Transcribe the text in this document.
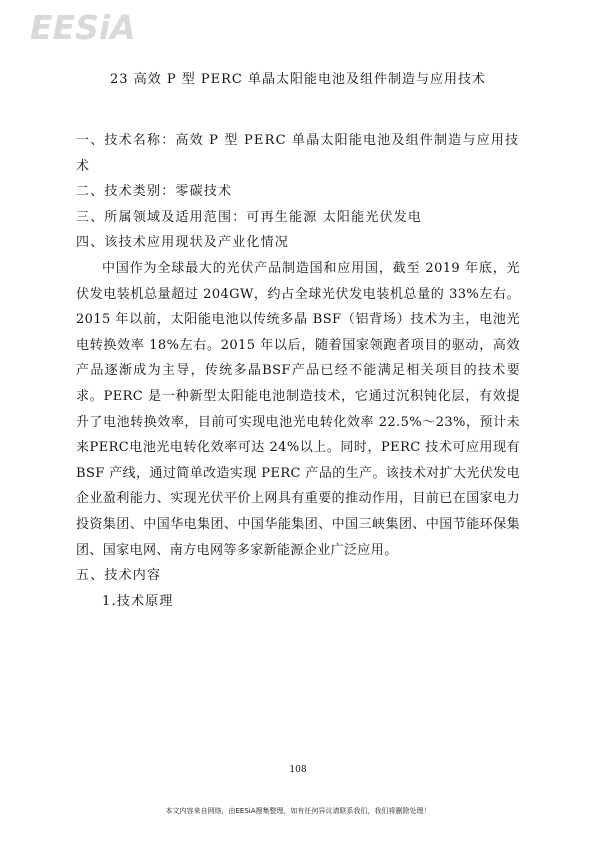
EESiA
23 高效 P 型 PERC 单晶太阳能电池及组件制造与应用技术

一、技术名称：高效 P 型 PERC 单晶太阳能电池及组件制造与应用技术

二、技术类别：零碳技术

三、所属领域及适用范围：可再生能源 太阳能光伏发电

四、该技术应用现状及产业化情况

中国作为全球最大的光伏产品制造国和应用国，截至 2019 年底，光伏发电装机总量超过 204GW，约占全球光伏发电装机总量的 33%左右。2015 年以前，太阳能电池以传统多晶 BSF（铝背场）技术为主，电池光电转换效率 18%左右。2015 年以后，随着国家领跑者项目的驱动，高效产品逐渐成为主导，传统多晶BSF产品已经不能满足相关项目的技术要求。PERC 是一种新型太阳能电池制造技术，它通过沉积钝化层，有效提升了电池转换效率，目前可实现电池光电转化效率 22.5%～23%，预计未来PERC电池光电转化效率可达 24%以上。同时，PERC 技术可应用现有 BSF 产线，通过简单改造实现 PERC 产品的生产。该技术对扩大光伏发电企业盈利能力、实现光伏平价上网具有重要的推动作用，目前已在国家电力投资集团、中国华电集团、中国华能集团、中国三峡集团、中国节能环保集团、国家电网、南方电网等多家新能源企业广泛应用。

五、技术内容

1.技术原理

108
本文内容来自网络，由EESiA搜集整理，如有任何异议请联系我们，我们将删除处理！
